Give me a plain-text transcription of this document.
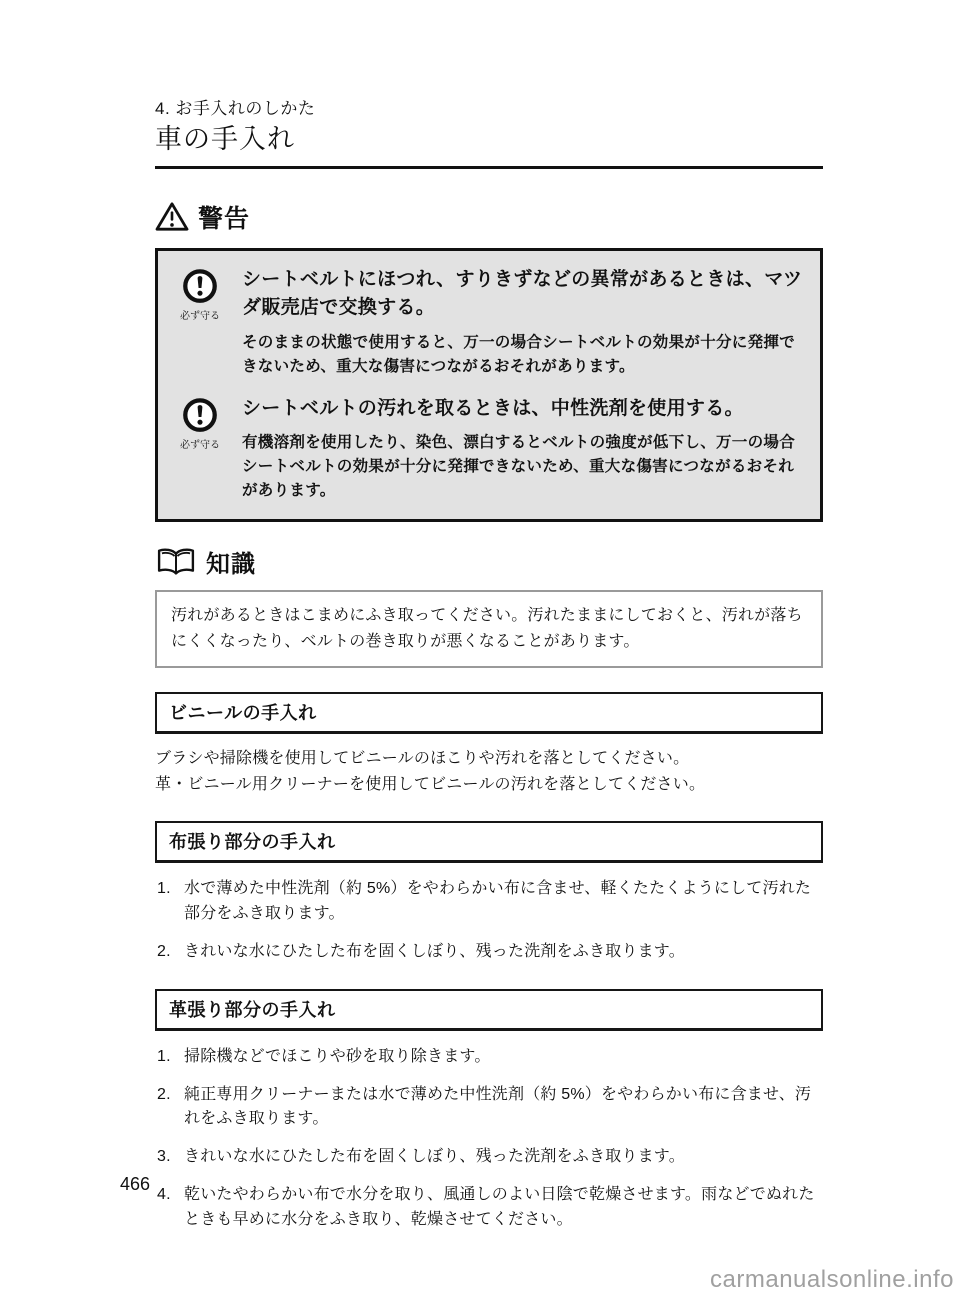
4. お手入れのしかた
車の手入れ
警告
必ず守る
シートベルトにほつれ、すりきずなどの異常があるときは、マツダ販売店で交換する。
そのままの状態で使用すると、万一の場合シートベルトの効果が十分に発揮できないため、重大な傷害につながるおそれがあります。
必ず守る
シートベルトの汚れを取るときは、中性洗剤を使用する。
有機溶剤を使用したり、染色、漂白するとベルトの強度が低下し、万一の場合シートベルトの効果が十分に発揮できないため、重大な傷害につながるおそれがあります。
知識
汚れがあるときはこまめにふき取ってください。汚れたままにしておくと、汚れが落ちにくくなったり、ベルトの巻き取りが悪くなることがあります。
ビニールの手入れ
ブラシや掃除機を使用してビニールのほこりや汚れを落としてください。
革・ビニール用クリーナーを使用してビニールの汚れを落としてください。
布張り部分の手入れ
水で薄めた中性洗剤（約 5%）をやわらかい布に含ませ、軽くたたくようにして汚れた部分をふき取ります。
きれいな水にひたした布を固くしぼり、残った洗剤をふき取ります。
革張り部分の手入れ
掃除機などでほこりや砂を取り除きます。
純正専用クリーナーまたは水で薄めた中性洗剤（約 5%）をやわらかい布に含ませ、汚れをふき取ります。
きれいな水にひたした布を固くしぼり、残った洗剤をふき取ります。
乾いたやわらかい布で水分を取り、風通しのよい日陰で乾燥させます。雨などでぬれたときも早めに水分をふき取り、乾燥させてください。
466
carmanualsonline.info
